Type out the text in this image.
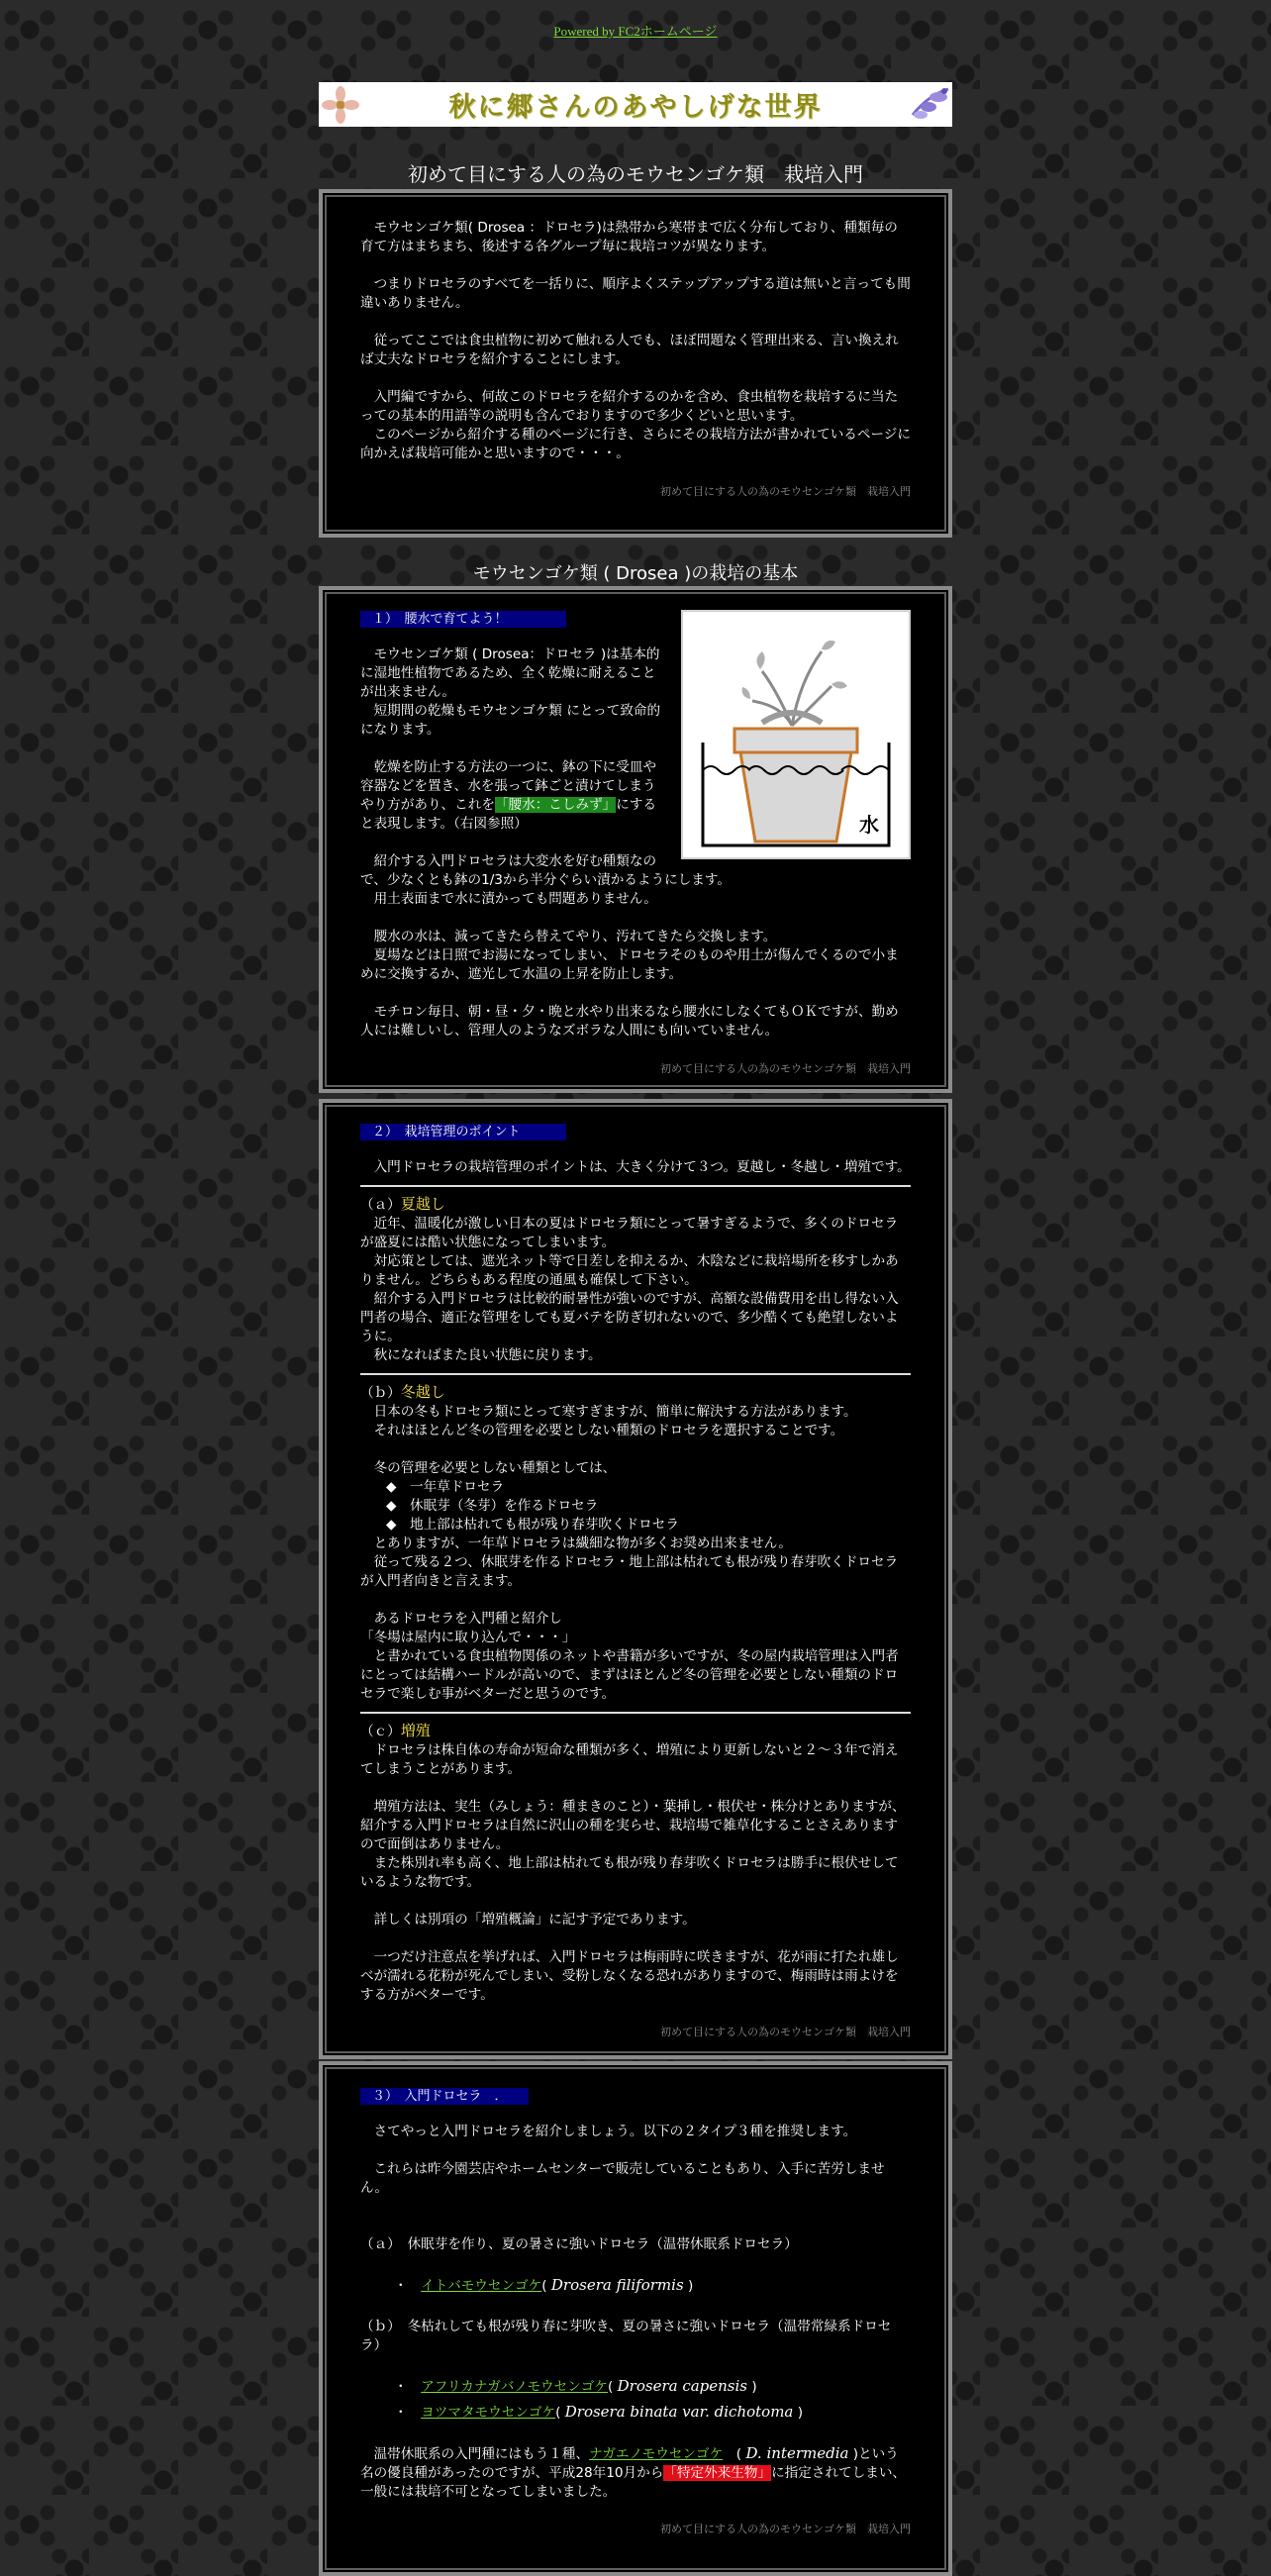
Powered by FC2ホームページ
秋に郷さんのあやしげな世界
初めて目にする人の為のモウセンゴケ類　栽培入門

　モウセンゴケ類( Drosea ：ドロセラ)は熱帯から寒帯まで広く分布しており、種類毎の育て方はまちまち、後述する各グループ毎に栽培コツが異なります。

　つまりドロセラのすべてを一括りに、順序よくステップアップする道は無いと言っても間違いありません。

　従ってここでは食虫植物に初めて触れる人でも、ほぼ問題なく管理出来る、言い換えれば丈夫なドロセラを紹介することにします。

　入門編ですから、何故このドロセラを紹介するのかを含め、食虫植物を栽培するに当たっての基本的用語等の説明も含んでおりますので多少くどいと思います。

　このページから紹介する種のページに行き、さらにその栽培方法が書かれているページに向かえば栽培可能かと思いますので・・・。

初めて目にする人の為のモウセンゴケ類　栽培入門
モウセンゴケ類 ( Drosea )の栽培の基本
１）　腰水で育てよう！

　モウセンゴケ類 ( Drosea：ドロセラ )は基本的に湿地性植物であるため、全く乾燥に耐えることが出来ません。

　短期間の乾燥もモウセンゴケ類 にとって致命的になります。

　乾燥を防止する方法の一つに、鉢の下に受皿や容器などを置き、水を張って鉢ごと漬けてしまうやり方があり、これを「腰水：こしみず」にすると表現します。（右図参照）

　紹介する入門ドロセラは大変水を好む種類なので、少なくとも鉢の1/3から半分ぐらい漬かるようにします。

　用土表面まで水に漬かっても問題ありません。

　腰水の水は、減ってきたら替えてやり、汚れてきたら交換します。

　夏場などは日照でお湯になってしまい、ドロセラそのものや用土が傷んでくるので小まめに交換するか、遮光して水温の上昇を防止します。

　モチロン毎日、朝・昼・夕・晩と水やり出来るなら腰水にしなくてもＯＫですが、勤め人には難しいし、管理人のようなズボラな人間にも向いていません。

初めて目にする人の為のモウセンゴケ類　栽培入門
水
２）　栽培管理のポイント

　入門ドロセラの栽培管理のポイントは、大きく分けて３つ。夏越し・冬越し・増殖です。

（ａ）夏越し

　近年、温暖化が激しい日本の夏はドロセラ類にとって暑すぎるようで、多くのドロセラが盛夏には酷い状態になってしまいます。

　対応策としては、遮光ネット等で日差しを抑えるか、木陰などに栽培場所を移すしかありません。どちらもある程度の通風も確保して下さい。

　紹介する入門ドロセラは比較的耐暑性が強いのですが、高額な設備費用を出し得ない入門者の場合、適正な管理をしても夏バテを防ぎ切れないので、多少酷くても絶望しないように。

　秋になればまた良い状態に戻ります。

（ｂ）冬越し

　日本の冬もドロセラ類にとって寒すぎますが、簡単に解決する方法があります。

　それはほとんど冬の管理を必要としない種類のドロセラを選択することです。

　冬の管理を必要としない種類としては、

◆　一年草ドロセラ
◆　休眠芽（冬芽）を作るドロセラ
◆　地上部は枯れても根が残り春芽吹くドロセラ

　とありますが、一年草ドロセラは繊細な物が多くお奨め出来ません。

　従って残る２つ、休眠芽を作るドロセラ・地上部は枯れても根が残り春芽吹くドロセラが入門者向きと言えます。

　あるドロセラを入門種と紹介し

「冬場は屋内に取り込んで・・・」

　と書かれている食虫植物関係のネットや書籍が多いですが、冬の屋内栽培管理は入門者にとっては結構ハードルが高いので、まずはほとんど冬の管理を必要としない種類のドロセラで楽しむ事がベターだと思うのです。

（ｃ）増殖

　ドロセラは株自体の寿命が短命な種類が多く、増殖により更新しないと２～３年で消えてしまうことがあります。

　増殖方法は、実生（みしょう：種まきのこと）・葉挿し・根伏せ・株分けとありますが、紹介する入門ドロセラは自然に沢山の種を実らせ、栽培場で雑草化することさえありますので面倒はありません。

　また株別れ率も高く、地上部は枯れても根が残り春芽吹くドロセラは勝手に根伏せしているような物です。

　詳しくは別項の「増殖概論」に記す予定であります。

　一つだけ注意点を挙げれば、入門ドロセラは梅雨時に咲きますが、花が雨に打たれ雄しべが濡れる花粉が死んでしまい、受粉しなくなる恐れがありますので、梅雨時は雨よけをする方がベターです。

初めて目にする人の為のモウセンゴケ類　栽培入門
３）　入門ドロセラ　．

　さてやっと入門ドロセラを紹介しましょう。以下の２タイプ３種を推奨します。

　これらは昨今園芸店やホームセンターで販売していることもあり、入手に苦労しません。

（ａ）　休眠芽を作り、夏の暑さに強いドロセラ（温帯休眠系ドロセラ）

・　 イトバモウセンゴケ( Drosera filiformis )

（ｂ）　冬枯れしても根が残り春に芽吹き、夏の暑さに強いドロセラ（温帯常緑系ドロセラ）

・　 アフリカナガバノモウセンゴケ( Drosera capensis )

・　 ヨツマタモウセンゴケ( Drosera binata var. dichotoma )

　温帯休眠系の入門種にはもう１種、ナガエノモウセンゴケ　( D. intermedia )という名の優良種があったのですが、平成28年10月から「特定外来生物」に指定されてしまい、一般には栽培不可となってしまいました。

初めて目にする人の為のモウセンゴケ類　栽培入門
